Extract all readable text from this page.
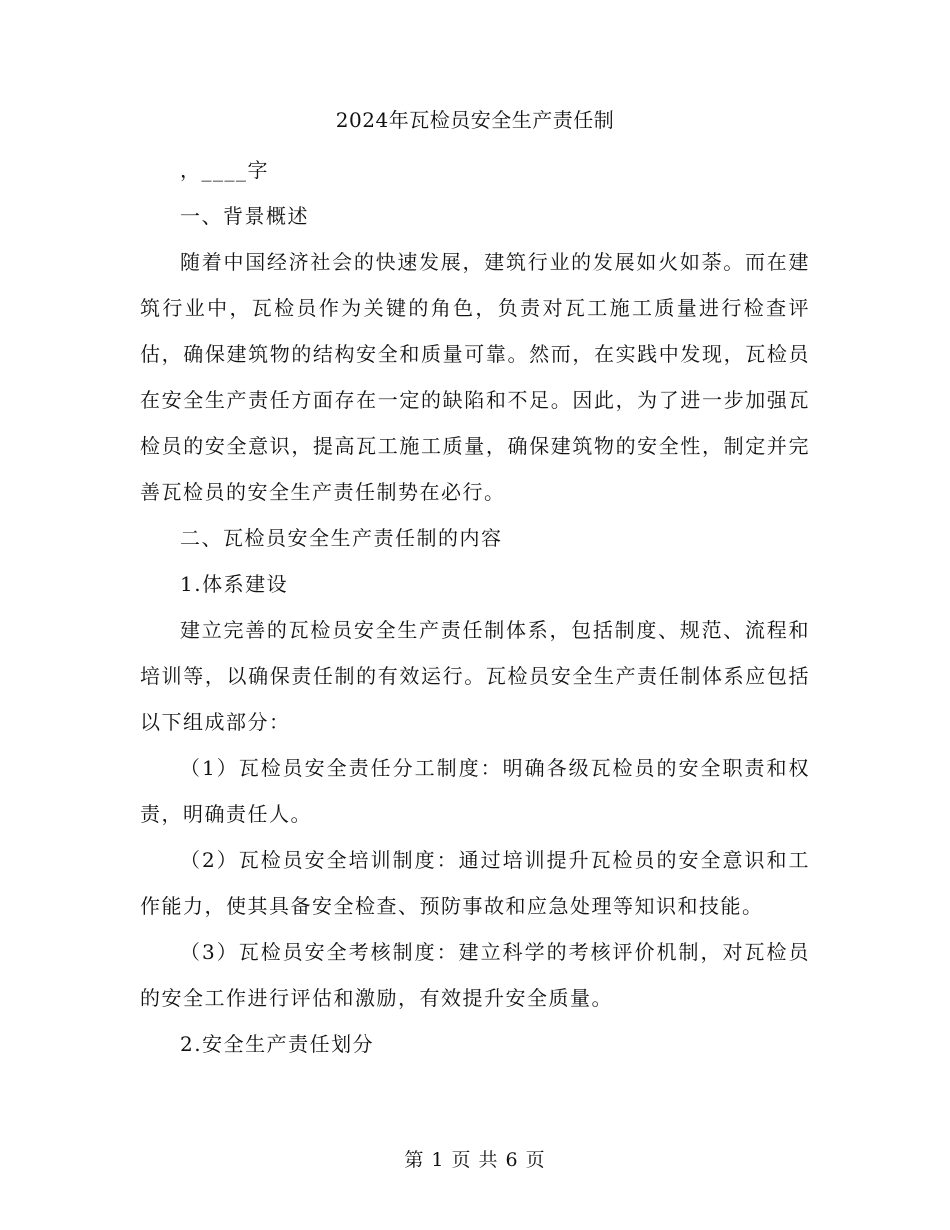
2024年瓦检员安全生产责任制

，____字

一、背景概述

随着中国经济社会的快速发展，建筑行业的发展如火如荼。而在建筑行业中，瓦检员作为关键的角色，负责对瓦工施工质量进行检查评估，确保建筑物的结构安全和质量可靠。然而，在实践中发现，瓦检员在安全生产责任方面存在一定的缺陷和不足。因此，为了进一步加强瓦检员的安全意识，提高瓦工施工质量，确保建筑物的安全性，制定并完善瓦检员的安全生产责任制势在必行。

二、瓦检员安全生产责任制的内容

1.体系建设

建立完善的瓦检员安全生产责任制体系，包括制度、规范、流程和培训等，以确保责任制的有效运行。瓦检员安全生产责任制体系应包括以下组成部分：

（1）瓦检员安全责任分工制度：明确各级瓦检员的安全职责和权责，明确责任人。

（2）瓦检员安全培训制度：通过培训提升瓦检员的安全意识和工作能力，使其具备安全检查、预防事故和应急处理等知识和技能。

（3）瓦检员安全考核制度：建立科学的考核评价机制，对瓦检员的安全工作进行评估和激励，有效提升安全质量。

2.安全生产责任划分

第 1 页 共 6 页
